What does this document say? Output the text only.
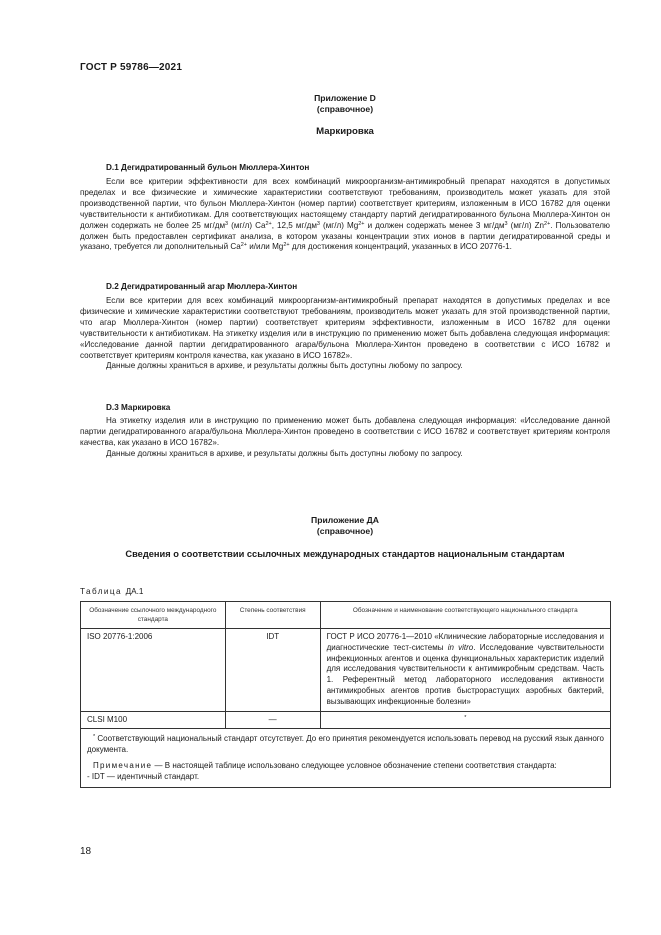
ГОСТ Р 59786—2021
Приложение D
(справочное)
Маркировка
D.1 Дегидратированный бульон Мюллера-Хинтон

Если все критерии эффективности для всех комбинаций микроорганизм-антимикробный препарат находятся в допустимых пределах и все физические и химические характеристики соответствуют требованиям, производитель может указать для этой производственной партии, что бульон Мюллера-Хинтон (номер партии) соответствует критериям, изложенным в ИСО 16782 для оценки чувствительности к антибиотикам. Для соответствующих настоящему стандарту партий дегидратированного бульона Мюллера-Хинтон он должен содержать не более 25 $мг/дм^3$ (мг/л) $Ca^{2+}$, 12,5 $мг/дм^3$ (мг/л) $Mg^{2+}$ и должен содержать менее 3 $мг/дм^3$ (мг/л) $Zn^{2+}$. Пользователю должен быть предоставлен сертификат анализа, в котором указаны концентрации этих ионов в партии дегидратированной среды и указано, требуется ли дополнительный $Ca^{2+}$ и/или $Mg^{2+}$ для достижения концентраций, указанных в ИСО 20776-1.

D.2 Дегидратированный агар Мюллера-Хинтон

Если все критерии для всех комбинаций микроорганизм-антимикробный препарат находятся в допустимых пределах и все физические и химические характеристики соответствуют требованиям, производитель может указать для этой производственной партии, что агар Мюллера-Хинтон (номер партии) соответствует критериям эффективности, изложенным в ИСО 16782 для оценки чувствительности к антибиотикам. На этикетку изделия или в инструкцию по применению может быть добавлена следующая информация: «Исследование данной партии дегидратированного агара/бульона Мюллера-Хинтон проведено в соответствии с ИСО 16782 и соответствует критериям контроля качества, как указано в ИСО 16782».

Данные должны храниться в архиве, и результаты должны быть доступны любому по запросу.

D.3 Маркировка

На этикетку изделия или в инструкцию по применению может быть добавлена следующая информация: «Исследование данной партии дегидратированного агара/бульона Мюллера-Хинтон проведено в соответствии с ИСО 16782 и соответствует критериям контроля качества, как указано в ИСО 16782».

Данные должны храниться в архиве, и результаты должны быть доступны любому по запросу.

Приложение ДА
(справочное)
Сведения о соответствии ссылочных международных стандартов национальным стандартам
Таблица ДА.1
Обозначение ссылочного международного стандарта	Степень соответствия	Обозначение и наименование соответствующего национального стандарта
ISO 20776-1:2006	IDT	ГОСТ Р ИСО 20776-1—2010 «Клинические лабораторные исследования и диагностические тест-системы in vitro. Исследование чувствительности инфекционных агентов и оценка функциональных характеристик изделий для исследования чувствительности к антимикробным средствам. Часть 1. Референтный метод лабораторного исследования активности антимикробных агентов против быстрорастущих аэробных бактерий, вызывающих инфекционные болезни»
CLSI M100	—	*

* Соответствующий национальный стандарт отсутствует. До его принятия рекомендуется использовать перевод на русский язык данного документа.

Примечание — В настоящей таблице использовано следующее условное обозначение степени соответствия стандарта:

- IDT — идентичный стандарт.		

18
